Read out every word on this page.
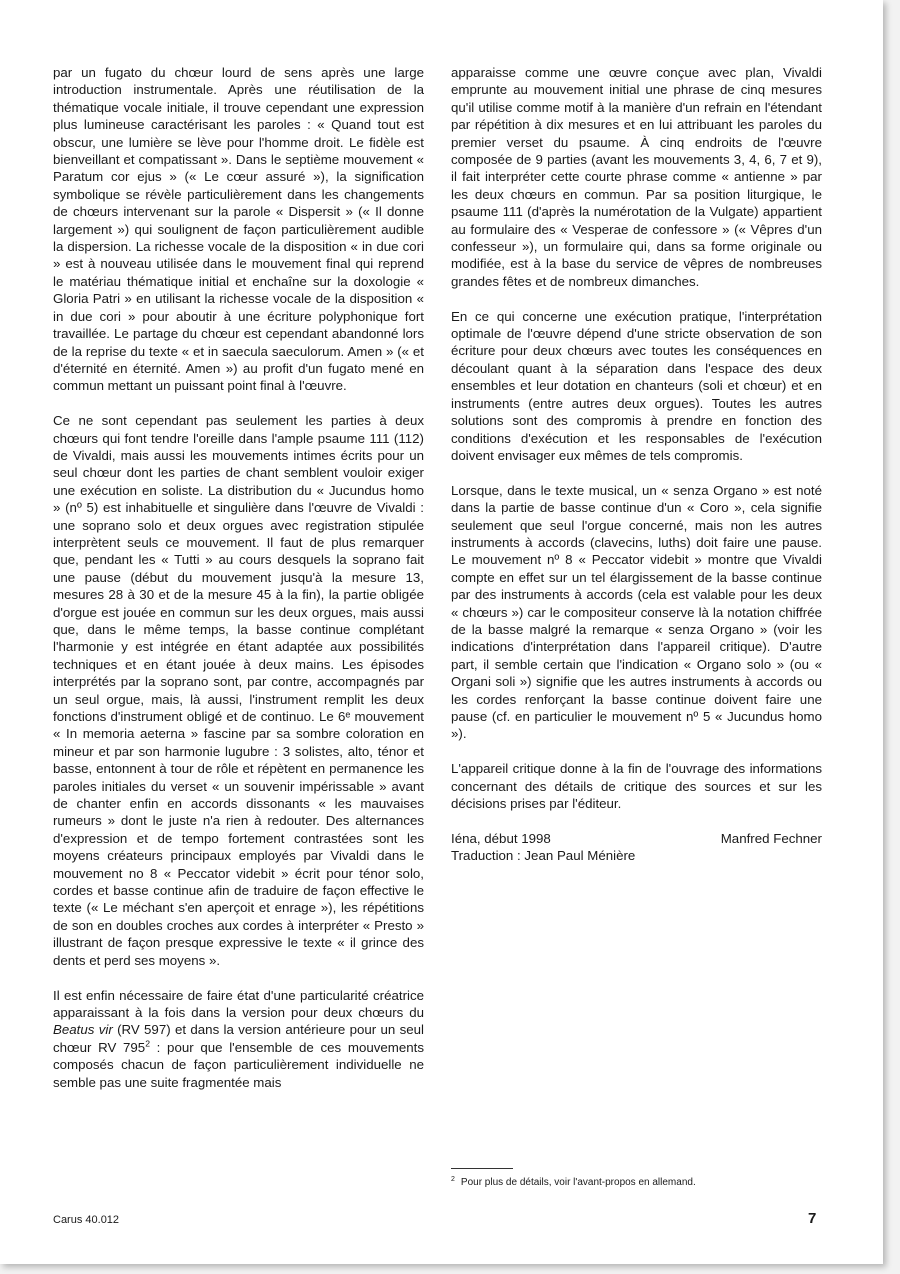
par un fugato du chœur lourd de sens après une large introduction instrumentale. Après une réutilisation de la thématique vocale initiale, il trouve cependant une expression plus lumineuse caractérisant les paroles : « Quand tout est obscur, une lumière se lève pour l'homme droit. Le fidèle est bienveillant et compatissant ». Dans le septième mouvement « Paratum cor ejus » (« Le cœur assuré »), la signification symbolique se révèle particulièrement dans les changements de chœurs intervenant sur la parole « Dispersit » (« Il donne largement ») qui soulignent de façon particulièrement audible la dispersion. La richesse vocale de la disposition « in due cori » est à nouveau utilisée dans le mouvement final qui reprend le matériau thématique initial et enchaîne sur la doxologie « Gloria Patri » en utilisant la richesse vocale de la disposition « in due cori » pour aboutir à une écriture polyphonique fort travaillée. Le partage du chœur est cependant abandonné lors de la reprise du texte « et in saecula saeculorum. Amen » (« et d'éternité en éternité. Amen ») au profit d'un fugato mené en commun mettant un puissant point final à l'œuvre.

Ce ne sont cependant pas seulement les parties à deux chœurs qui font tendre l'oreille dans l'ample psaume 111 (112) de Vivaldi, mais aussi les mouvements intimes écrits pour un seul chœur dont les parties de chant semblent vouloir exiger une exécution en soliste. La distribution du « Jucundus homo » (nº 5) est inhabituelle et singulière dans l'œuvre de Vivaldi : une soprano solo et deux orgues avec registration stipulée interprètent seuls ce mouvement. Il faut de plus remarquer que, pendant les « Tutti » au cours desquels la soprano fait une pause (début du mouvement jusqu'à la mesure 13, mesures 28 à 30 et de la mesure 45 à la fin), la partie obligée d'orgue est jouée en commun sur les deux orgues, mais aussi que, dans le même temps, la basse continue complétant l'harmonie y est intégrée en étant adaptée aux possibilités techniques et en étant jouée à deux mains. Les épisodes interprétés par la soprano sont, par contre, accompagnés par un seul orgue, mais, là aussi, l'instrument remplit les deux fonctions d'instrument obligé et de continuo. Le 6ᵉ mouvement « In memoria aeterna » fascine par sa sombre coloration en mineur et par son harmonie lugubre : 3 solistes, alto, ténor et basse, entonnent à tour de rôle et répètent en permanence les paroles initiales du verset « un souvenir impérissable » avant de chanter enfin en accords dissonants « les mauvaises rumeurs » dont le juste n'a rien à redouter. Des alternances d'expression et de tempo fortement contrastées sont les moyens créateurs principaux employés par Vivaldi dans le mouvement no 8 « Peccator videbit » écrit pour ténor solo, cordes et basse continue afin de traduire de façon effective le texte (« Le méchant s'en aperçoit et enrage »), les répétitions de son en doubles croches aux cordes à interpréter « Presto » illustrant de façon presque expressive le texte « il grince des dents et perd ses moyens ».

Il est enfin nécessaire de faire état d'une particularité créatrice apparaissant à la fois dans la version pour deux chœurs du Beatus vir (RV 597) et dans la version antérieure pour un seul chœur RV $795^2$ : pour que l'ensemble de ces mouvements composés chacun de façon particulièrement individuelle ne semble pas une suite fragmentée mais

apparaisse comme une œuvre conçue avec plan, Vivaldi emprunte au mouvement initial une phrase de cinq mesures qu'il utilise comme motif à la manière d'un refrain en l'étendant par répétition à dix mesures et en lui attribuant les paroles du premier verset du psaume. À cinq endroits de l'œuvre composée de 9 parties (avant les mouvements 3, 4, 6, 7 et 9), il fait interpréter cette courte phrase comme « antienne » par les deux chœurs en commun. Par sa position liturgique, le psaume 111 (d'après la numérotation de la Vulgate) appartient au formulaire des « Vesperae de confessore » (« Vêpres d'un confesseur »), un formulaire qui, dans sa forme originale ou modifiée, est à la base du service de vêpres de nombreuses grandes fêtes et de nombreux dimanches.

En ce qui concerne une exécution pratique, l'interprétation optimale de l'œuvre dépend d'une stricte observation de son écriture pour deux chœurs avec toutes les conséquences en découlant quant à la séparation dans l'espace des deux ensembles et leur dotation en chanteurs (soli et chœur) et en instruments (entre autres deux orgues). Toutes les autres solutions sont des compromis à prendre en fonction des conditions d'exécution et les responsables de l'exécution doivent envisager eux mêmes de tels compromis.

Lorsque, dans le texte musical, un « senza Organo » est noté dans la partie de basse continue d'un « Coro », cela signifie seulement que seul l'orgue concerné, mais non les autres instruments à accords (clavecins, luths) doit faire une pause. Le mouvement nº 8 « Peccator videbit » montre que Vivaldi compte en effet sur un tel élargissement de la basse continue par des instruments à accords (cela est valable pour les deux « chœurs ») car le compositeur conserve là la notation chiffrée de la basse malgré la remarque « senza Organo » (voir les indications d'interprétation dans l'appareil critique). D'autre part, il semble certain que l'indication « Organo solo » (ou « Organi soli ») signifie que les autres instruments à accords ou les cordes renforçant la basse continue doivent faire une pause (cf. en particulier le mouvement nº 5 « Jucundus homo »).

L'appareil critique donne à la fin de l'ouvrage des informations concernant des détails de critique des sources et sur les décisions prises par l'éditeur.

Iéna, début 1998	Manfred Fechner
Traduction : Jean Paul Ménière
$^2$ Pour plus de détails, voir l'avant-propos en allemand.
Carus 40.012	7
